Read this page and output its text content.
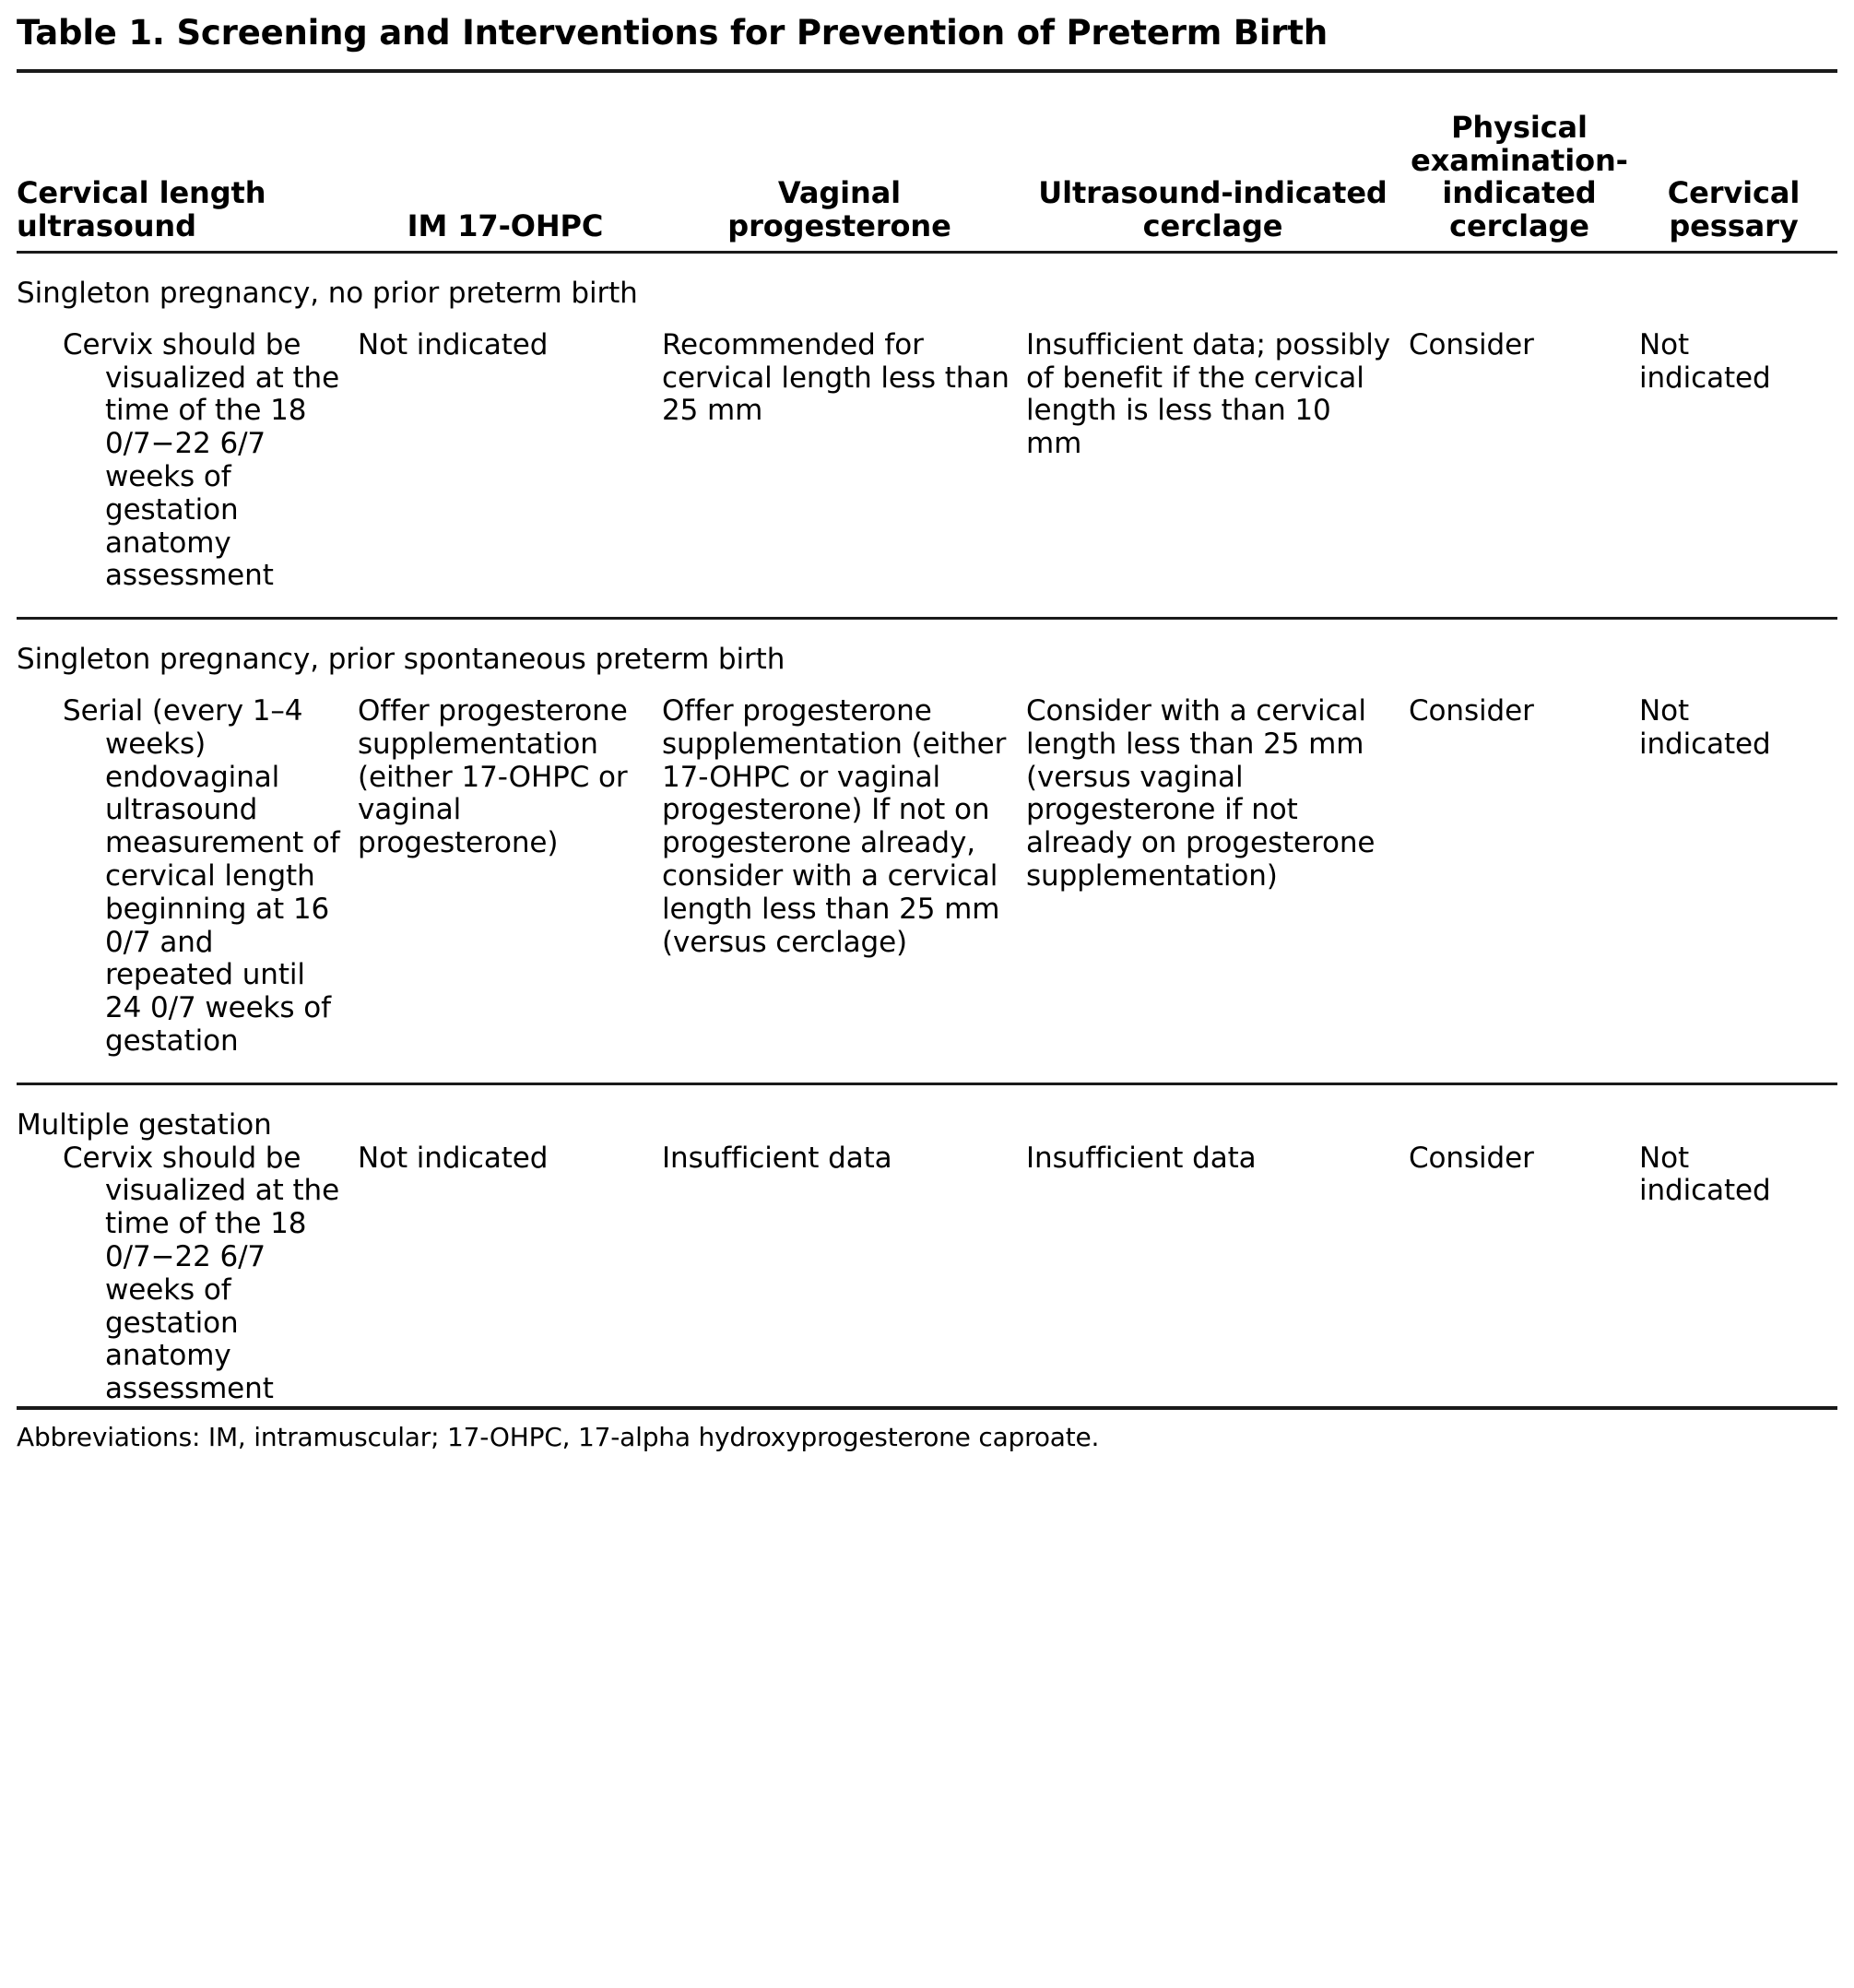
Table 1. Screening and Interventions for Prevention of Preterm Birth

Cervical length ultrasound	IM 17-OHPC	Vaginal progesterone	Ultrasound-indicated cerclage	Physical examination-indicated cerclage	Cervical pessary

Singleton pregnancy, no prior preterm birth

Cervix should be visualized at the time of the 18 0/7−22 6/7 weeks of gestation anatomy assessment	Not indicated	Recommended for cervical length less than 25 mm	Insufficient data; possibly of benefit if the cervical length is less than 10 mm	Consider	Not indicated

Singleton pregnancy, prior spontaneous preterm birth

Serial (every 1–4 weeks) endovaginal ultrasound measurement of cervical length beginning at 16 0/7 and repeated until 24 0/7 weeks of gestation	Offer progesterone supplementation (either 17-OHPC or vaginal progesterone)	Offer progesterone supplementation (either 17-OHPC or vaginal progesterone) If not on progesterone already, consider with a cervical length less than 25 mm (versus cerclage)	Consider with a cervical length less than 25 mm (versus vaginal progesterone if not already on progesterone supplementation)	Consider	Not indicated

Multiple gestation

Cervix should be visualized at the time of the 18 0/7−22 6/7 weeks of gestation anatomy assessment	Not indicated	Insufficient data	Insufficient data	Consider	Not indicated
Abbreviations: IM, intramuscular; 17-OHPC, 17-alpha hydroxyprogesterone caproate.
